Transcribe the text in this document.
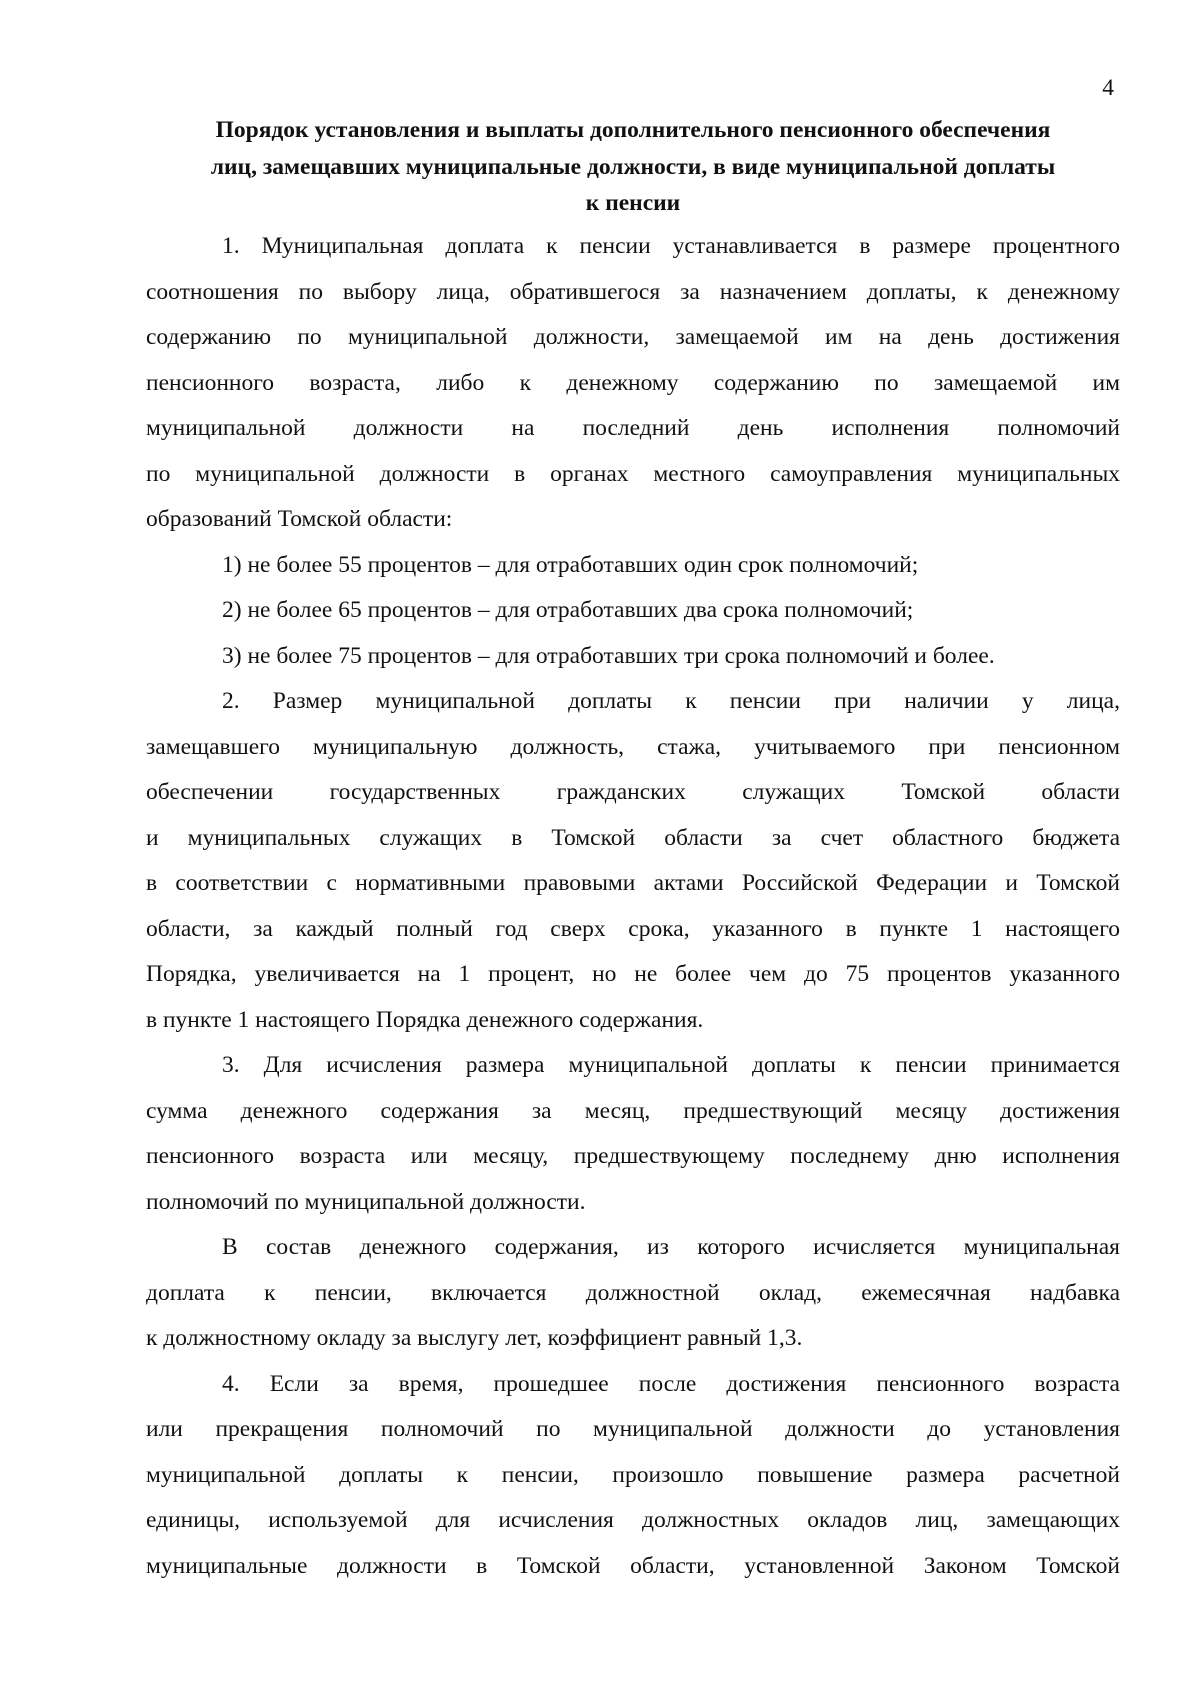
4
Порядок установления и выплаты дополнительного пенсионного обеспечения
лиц, замещавших муниципальные должности, в виде муниципальной доплаты
к пенсии
1. Муниципальная доплата к пенсии устанавливается в размере процентного
соотношения по выбору лица, обратившегося за назначением доплаты, к денежному
содержанию по муниципальной должности, замещаемой им на день достижения
пенсионного возраста, либо к денежному содержанию по замещаемой им
муниципальной должности на последний день исполнения полномочий
по муниципальной должности в органах местного самоуправления муниципальных
образований Томской области:
1) не более 55 процентов – для отработавших один срок полномочий;
2) не более 65 процентов – для отработавших два срока полномочий;
3) не более 75 процентов – для отработавших три срока полномочий и более.
2. Размер муниципальной доплаты к пенсии при наличии у лица,
замещавшего муниципальную должность, стажа, учитываемого при пенсионном
обеспечении государственных гражданских служащих Томской области
и муниципальных служащих в Томской области за счет областного бюджета
в соответствии с нормативными правовыми актами Российской Федерации и Томской
области, за каждый полный год сверх срока, указанного в пункте 1 настоящего
Порядка, увеличивается на 1 процент, но не более чем до 75 процентов указанного
в пункте 1 настоящего Порядка денежного содержания.
3. Для исчисления размера муниципальной доплаты к пенсии принимается
сумма денежного содержания за месяц, предшествующий месяцу достижения
пенсионного возраста или месяцу, предшествующему последнему дню исполнения
полномочий по муниципальной должности.
В состав денежного содержания, из которого исчисляется муниципальная
доплата к пенсии, включается должностной оклад, ежемесячная надбавка
к должностному окладу за выслугу лет, коэффициент равный 1,3.
4. Если за время, прошедшее после достижения пенсионного возраста
или прекращения полномочий по муниципальной должности до установления
муниципальной доплаты к пенсии, произошло повышение размера расчетной
единицы, используемой для исчисления должностных окладов лиц, замещающих
муниципальные должности в Томской области, установленной Законом Томской
